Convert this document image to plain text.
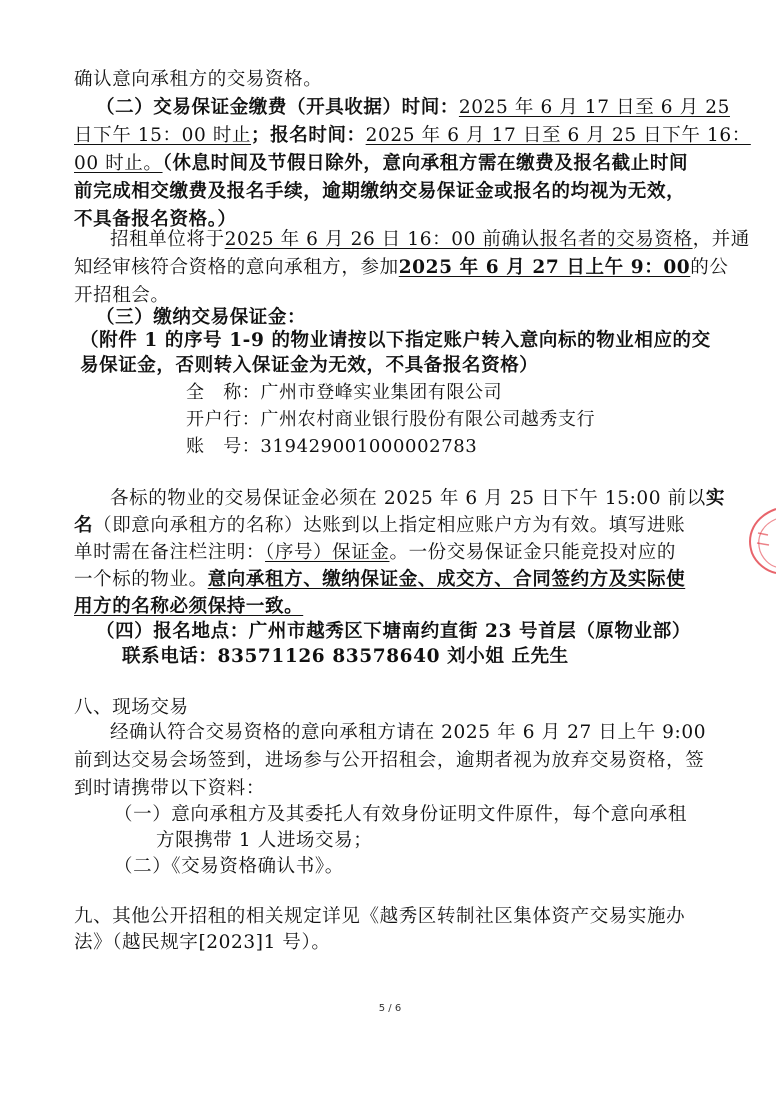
确认意向承租方的交易资格。
（二）交易保证金缴费（开具收据）时间：2025 年 6 月 17 日至 6 月 25
日下午 15：00 时止；报名时间：2025 年 6 月 17 日至 6 月 25 日下午 16：
00 时止。（休息时间及节假日除外，意向承租方需在缴费及报名截止时间
前完成相交缴费及报名手续，逾期缴纳交易保证金或报名的均视为无效，
不具备报名资格。）
招租单位将于2025 年 6 月 26 日 16：00 前确认报名者的交易资格，并通
知经审核符合资格的意向承租方，参加2025 年 6 月 27 日上午 9：00的公
开招租会。
（三）缴纳交易保证金：
（附件 1 的序号 1-9 的物业请按以下指定账户转入意向标的物业相应的交
易保证金，否则转入保证金为无效，不具备报名资格）
全　称：广州市登峰实业集团有限公司
开户行：广州农村商业银行股份有限公司越秀支行
账　号：319429001000002783
各标的物业的交易保证金必须在 2025 年 6 月 25 日下午 15:00 前以实
名（即意向承租方的名称）达账到以上指定相应账户方为有效。填写进账
单时需在备注栏注明：（序号）保证金。一份交易保证金只能竞投对应的
一个标的物业。意向承租方、缴纳保证金、成交方、合同签约方及实际使
用方的名称必须保持一致。
（四）报名地点：广州市越秀区下塘南约直街 23 号首层（原物业部）
联系电话：83571126 83578640 刘小姐 丘先生
八、现场交易
经确认符合交易资格的意向承租方请在 2025 年 6 月 27 日上午 9:00
前到达交易会场签到，进场参与公开招租会，逾期者视为放弃交易资格，签
到时请携带以下资料：
（一）意向承租方及其委托人有效身份证明文件原件，每个意向承租
方限携带 1 人进场交易；
（二）《交易资格确认书》。
九、其他公开招租的相关规定详见《越秀区转制社区集体资产交易实施办
法》（越民规字[2023]1 号）。
5 / 6
